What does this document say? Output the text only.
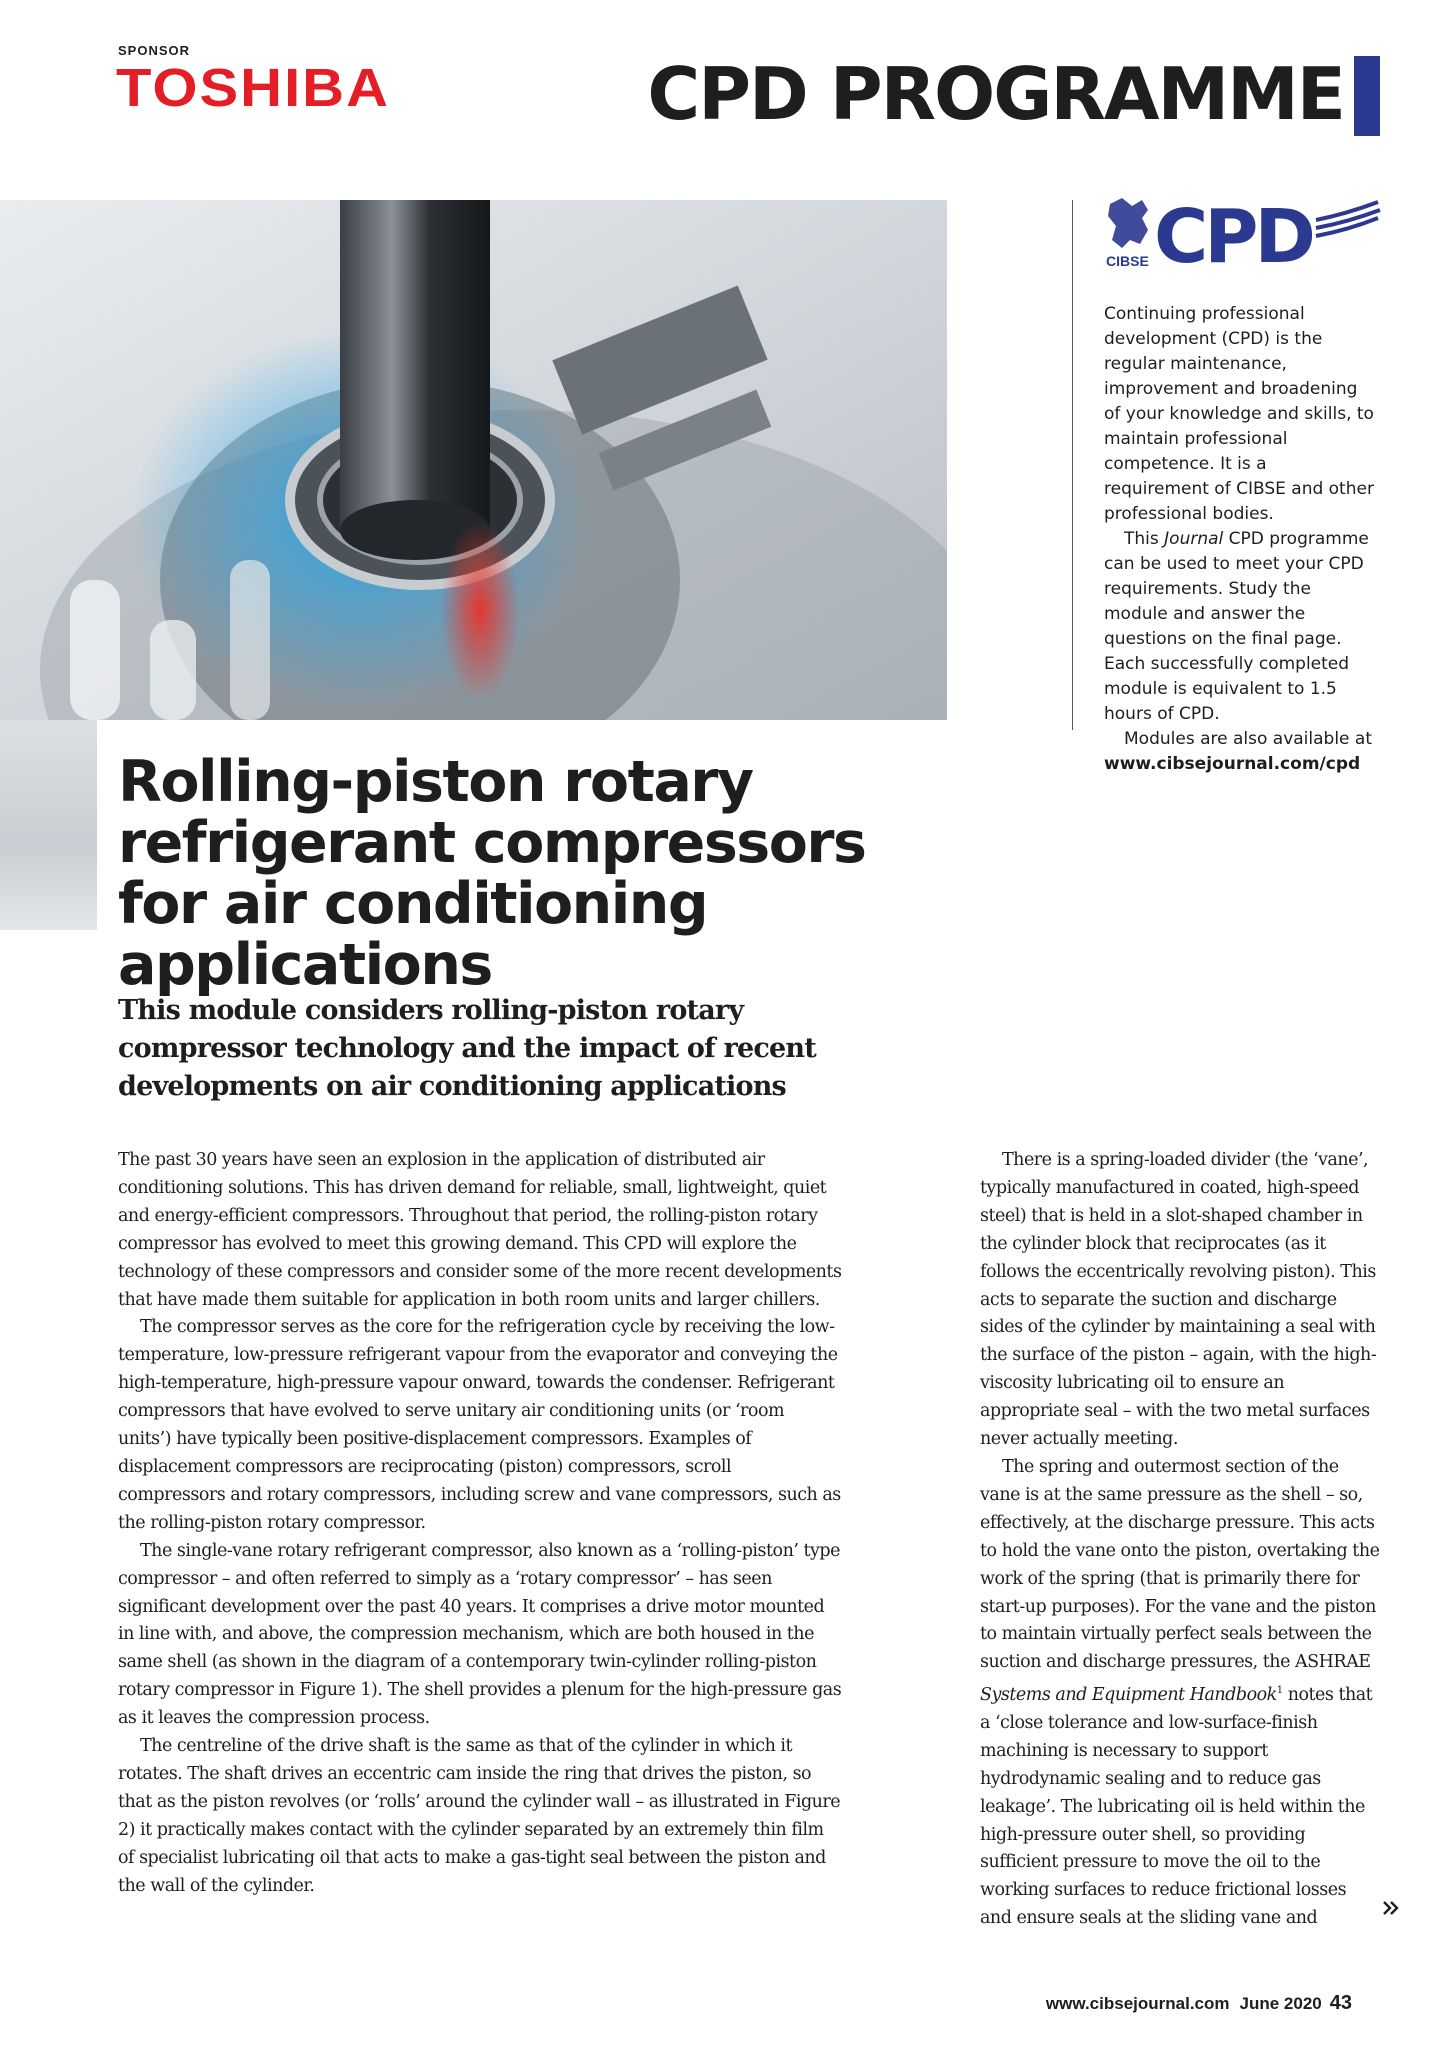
SPONSOR
TOSHIBA	CPD PROGRAMME
CIBSE CPD

Continuing professional development (CPD) is the regular maintenance, improvement and broadening of your knowledge and skills, to maintain professional competence. It is a requirement of CIBSE and other professional bodies.

This Journal CPD programme can be used to meet your CPD requirements. Study the module and answer the questions on the final page. Each successfully completed module is equivalent to 1.5 hours of CPD.

Modules are also available at

www.cibsejournal.com/cpd

Rolling-piston rotary refrigerant compressors for air conditioning applications
This module considers rolling-piston rotary compressor technology and the impact of recent developments on air conditioning applications

The past 30 years have seen an explosion in the application of distributed air conditioning solutions. This has driven demand for reliable, small, lightweight, quiet and energy-efficient compressors. Throughout that period, the rolling-piston rotary compressor has evolved to meet this growing demand. This CPD will explore the technology of these compressors and consider some of the more recent developments that have made them suitable for application in both room units and larger chillers.

The compressor serves as the core for the refrigeration cycle by receiving the low-temperature, low-pressure refrigerant vapour from the evaporator and conveying the high-temperature, high-pressure vapour onward, towards the condenser. Refrigerant compressors that have evolved to serve unitary air conditioning units (or ‘room units’) have typically been positive-displacement compressors. Examples of displacement compressors are reciprocating (piston) compressors, scroll compressors and rotary compressors, including screw and vane compressors, such as the rolling-piston rotary compressor.

The single-vane rotary refrigerant compressor, also known as a ‘rolling-piston’ type compressor – and often referred to simply as a ‘rotary compressor’ – has seen significant development over the past 40 years. It comprises a drive motor mounted in line with, and above, the compression mechanism, which are both housed in the same shell (as shown in the diagram of a contemporary twin-cylinder rolling-piston rotary compressor in Figure 1). The shell provides a plenum for the high-pressure gas as it leaves the compression process.

The centreline of the drive shaft is the same as that of the cylinder in which it rotates. The shaft drives an eccentric cam inside the ring that drives the piston, so that as the piston revolves (or ‘rolls’ around the cylinder wall – as illustrated in Figure 2) it practically makes contact with the cylinder separated by an extremely thin film of specialist lubricating oil that acts to make a gas-tight seal between the piston and the wall of the cylinder.

There is a spring-loaded divider (the ‘vane’, typically manufactured in coated, high-speed steel) that is held in a slot-shaped chamber in the cylinder block that reciprocates (as it follows the eccentrically revolving piston). This acts to separate the suction and discharge sides of the cylinder by maintaining a seal with the surface of the piston – again, with the high-viscosity lubricating oil to ensure an appropriate seal – with the two metal surfaces never actually meeting.

The spring and outermost section of the vane is at the same pressure as the shell – so, effectively, at the discharge pressure. This acts to hold the vane onto the piston, overtaking the work of the spring (that is primarily there for start-up purposes). For the vane and the piston to maintain virtually perfect seals between the suction and discharge pressures, the ASHRAE Systems and Equipment Handbook$^1$ notes that a ‘close tolerance and low-surface-finish machining is necessary to support hydrodynamic sealing and to reduce gas leakage’. The lubricating oil is held within the high-pressure outer shell, so providing sufficient pressure to move the oil to the working surfaces to reduce frictional losses and ensure seals at the sliding vane and

www.cibsejournal.com June 2020 43
